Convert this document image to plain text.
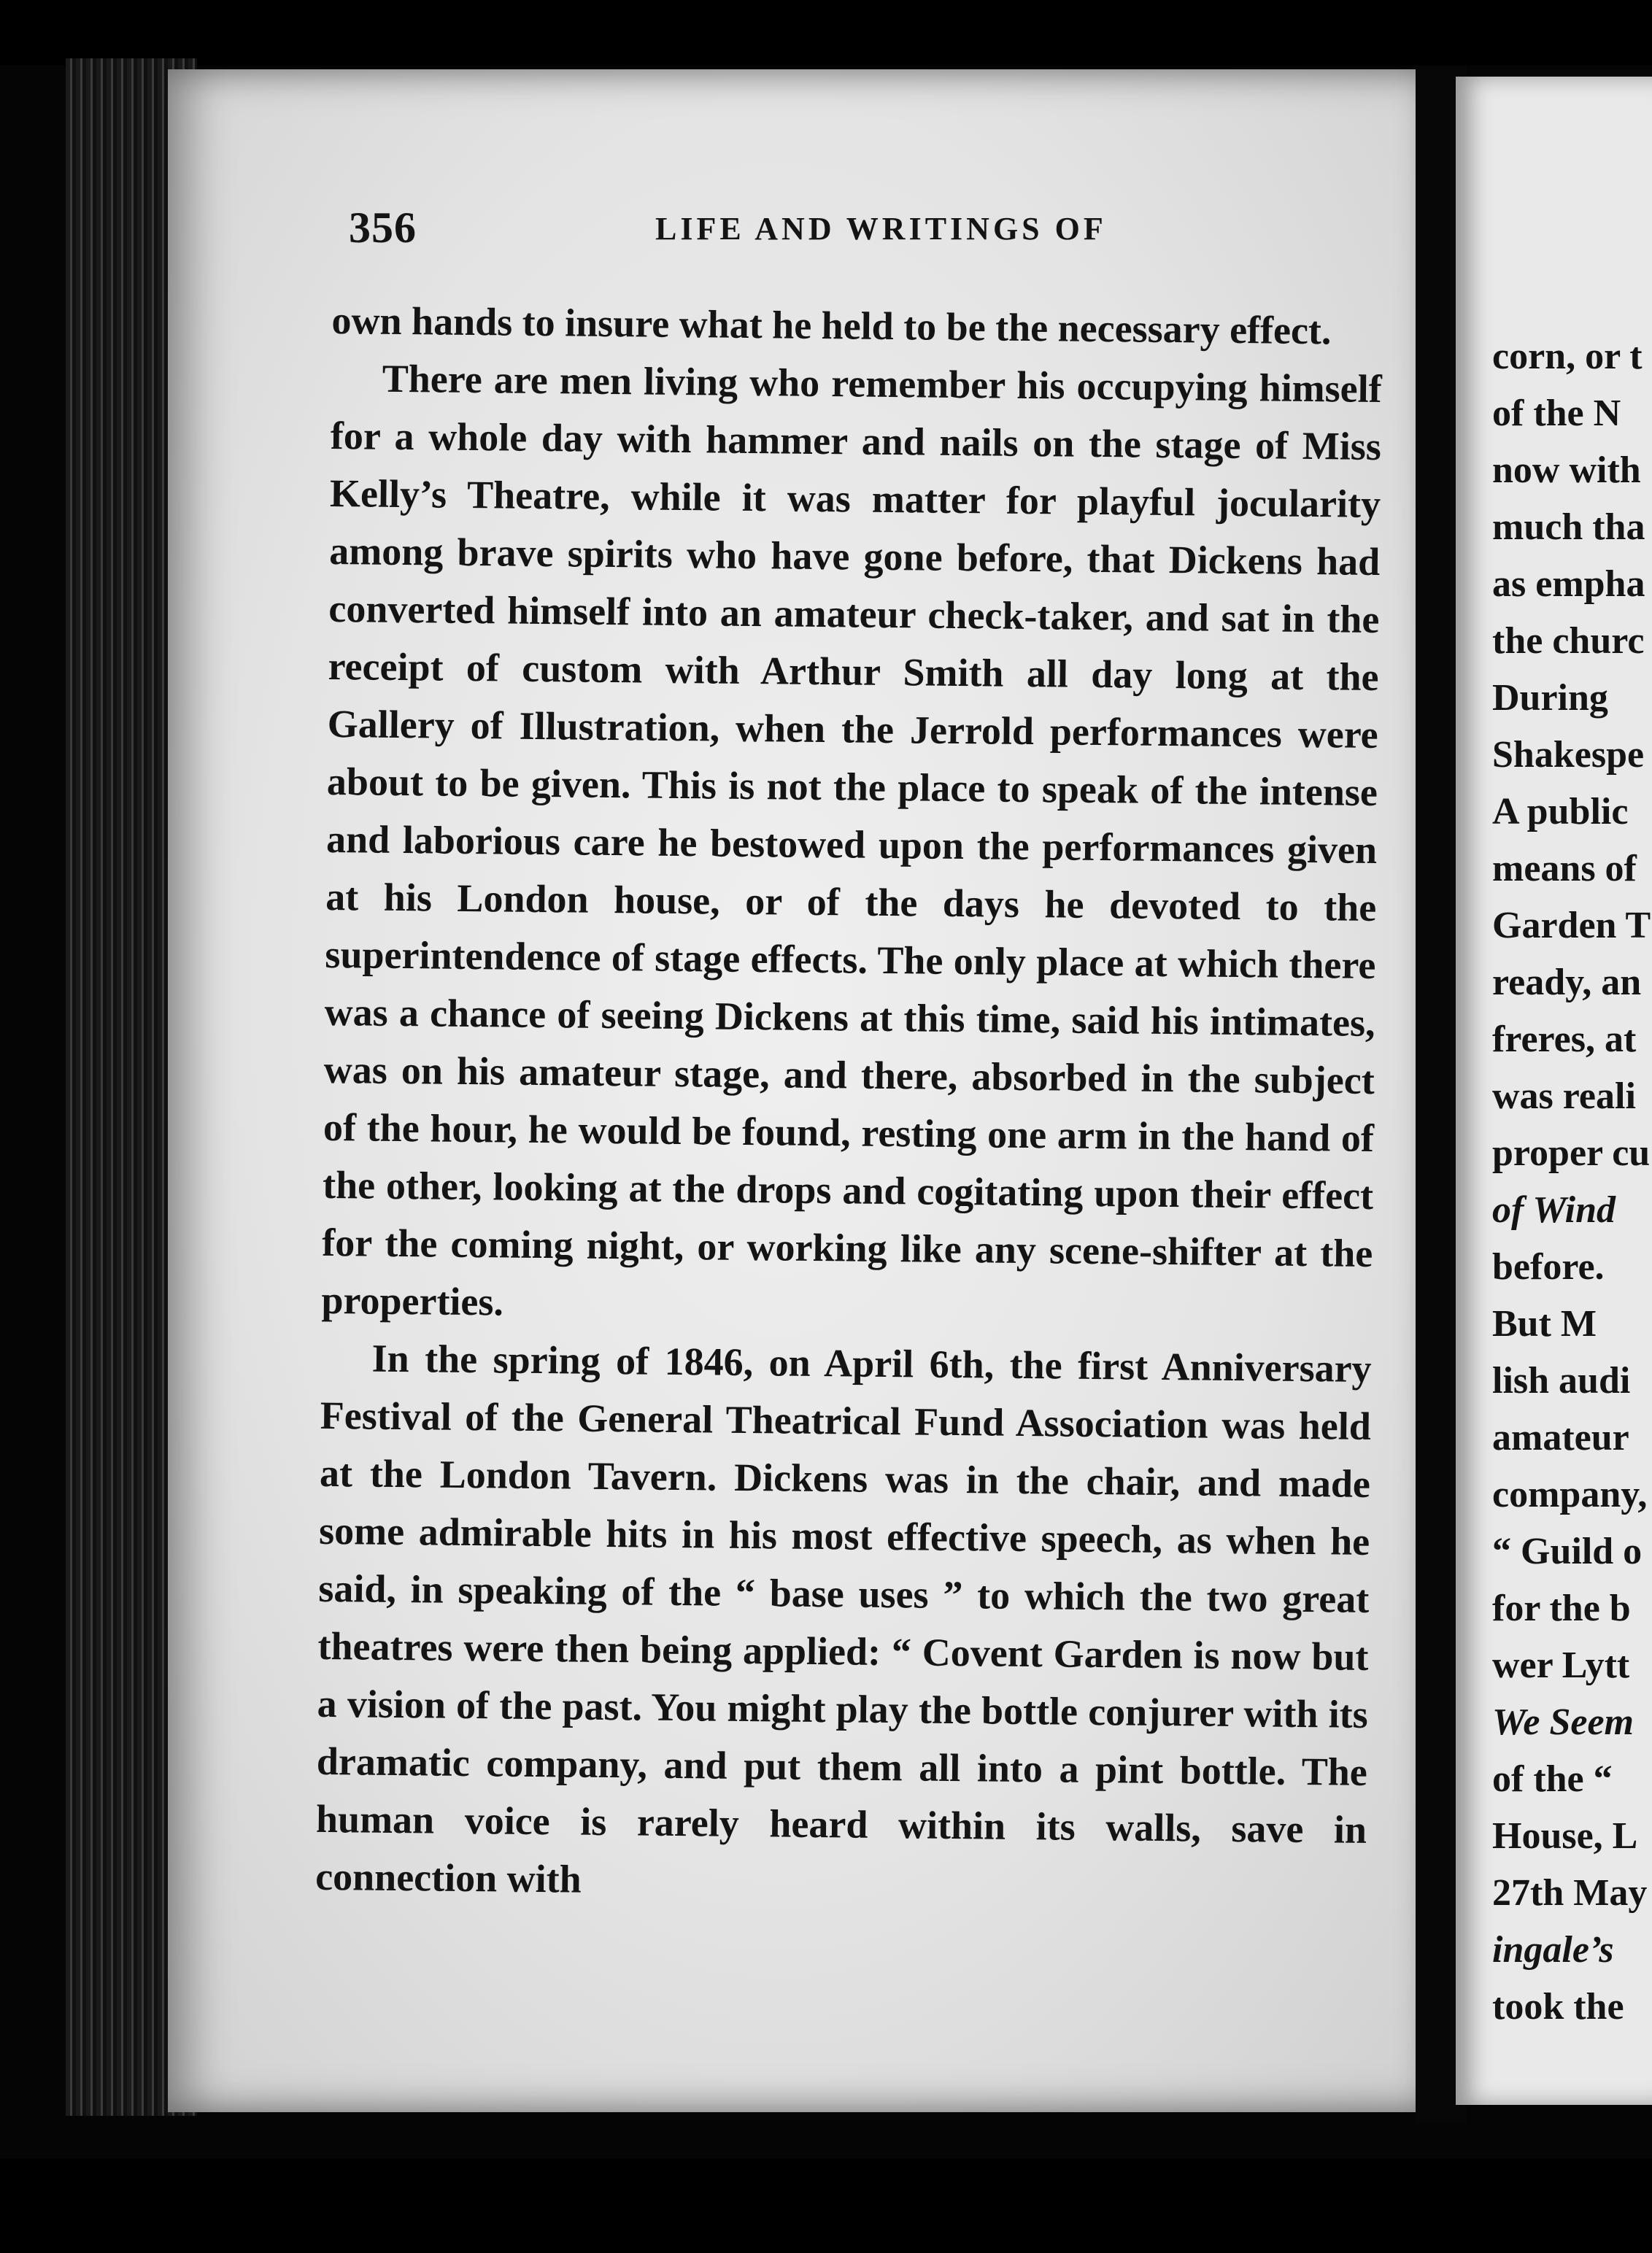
356	LIFE AND WRITINGS OF

own hands to insure what he held to be the necessary effect.

There are men living who remember his occupying himself for a whole day with hammer and nails on the stage of Miss Kelly’s Theatre, while it was matter for playful jocularity among brave spirits who have gone before, that Dickens had converted himself into an amateur check-taker, and sat in the receipt of custom with Arthur Smith all day long at the Gallery of Illustration, when the Jerrold performances were about to be given. This is not the place to speak of the intense and laborious care he bestowed upon the performances given at his London house, or of the days he devoted to the superintendence of stage effects. The only place at which there was a chance of seeing Dickens at this time, said his intimates, was on his amateur stage, and there, absorbed in the subject of the hour, he would be found, resting one arm in the hand of the other, looking at the drops and cogitating upon their effect for the coming night, or working like any scene-shifter at the properties.

In the spring of 1846, on April 6th, the first Anniversary Festival of the General Theatrical Fund Association was held at the London Tavern. Dickens was in the chair, and made some admirable hits in his most effective speech, as when he said, in speaking of the “ base uses ” to which the two great theatres were then being applied: “ Covent Garden is now but a vision of the past. You might play the bottle conjurer with its dramatic company, and put them all into a pint bottle. The human voice is rarely heard within its walls, save in connection with

corn, or t
of the N
now with
much tha
as empha
the churc
During
Shakespe
A public
means of
Garden T
ready, an
freres, at
was reali
proper cu
of Wind
before.
But M
lish audi
amateur
company,
“ Guild o
for the b
wer Lytt
We Seem
of the “
House, L
27th May
ingale’s
took the
